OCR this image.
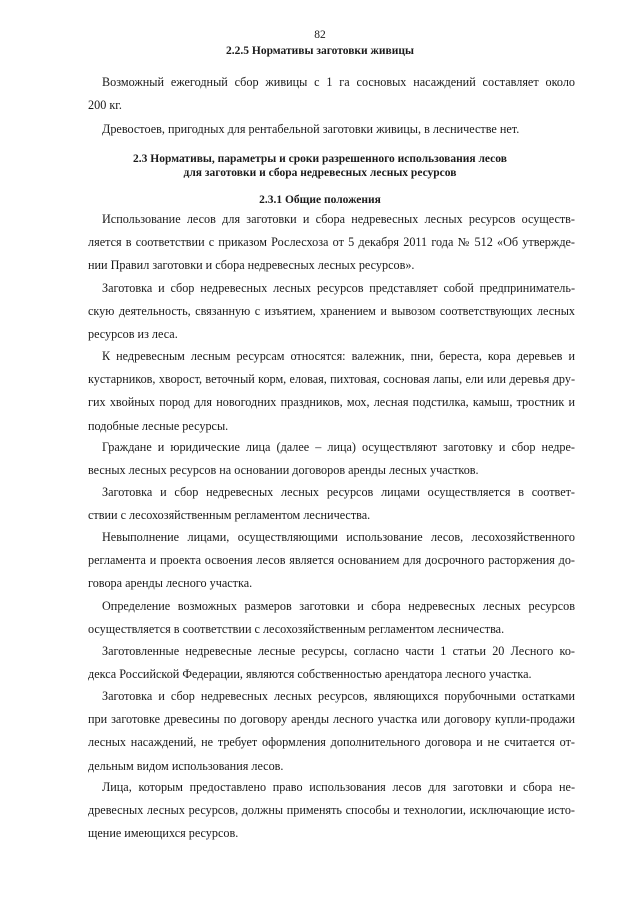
82
2.2.5 Нормативы заготовки живицы
Возможный ежегодный сбор живицы с 1 га сосновых насаждений составляет около
200 кг.
Древостоев, пригодных для рентабельной заготовки живицы, в лесничестве нет.
2.3 Нормативы, параметры и сроки разрешенного использования лесов
для заготовки и сбора недревесных лесных ресурсов
2.3.1 Общие положения
Использование лесов для заготовки и сбора недревесных лесных ресурсов осуществ-
ляется в соответствии с приказом Рослесхоза от 5 декабря 2011 года № 512 «Об утвержде-
нии Правил заготовки и сбора недревесных лесных ресурсов».
Заготовка и сбор недревесных лесных ресурсов представляет собой предприниматель-
скую деятельность, связанную с изъятием, хранением и вывозом соответствующих лесных
ресурсов из леса.
К недревесным лесным ресурсам относятся: валежник, пни, береста, кора деревьев и
кустарников, хворост, веточный корм, еловая, пихтовая, сосновая лапы, ели или деревья дру-
гих хвойных пород для новогодних праздников, мох, лесная подстилка, камыш, тростник и
подобные лесные ресурсы.
Граждане и юридические лица (далее – лица) осуществляют заготовку и сбор недре-
весных лесных ресурсов на основании договоров аренды лесных участков.
Заготовка и сбор недревесных лесных ресурсов лицами осуществляется в соответ-
ствии с лесохозяйственным регламентом лесничества.
Невыполнение лицами, осуществляющими использование лесов, лесохозяйственного
регламента и проекта освоения лесов является основанием для досрочного расторжения до-
говора аренды лесного участка.
Определение возможных размеров заготовки и сбора недревесных лесных ресурсов
осуществляется в соответствии с лесохозяйственным регламентом лесничества.
Заготовленные недревесные лесные ресурсы, согласно части 1 статьи 20 Лесного ко-
декса Российской Федерации, являются собственностью арендатора лесного участка.
Заготовка и сбор недревесных лесных ресурсов, являющихся порубочными остатками
при заготовке древесины по договору аренды лесного участка или договору купли-продажи
лесных насаждений, не требует оформления дополнительного договора и не считается от-
дельным видом использования лесов.
Лица, которым предоставлено право использования лесов для заготовки и сбора не-
древесных лесных ресурсов, должны применять способы и технологии, исключающие исто-
щение имеющихся ресурсов.
